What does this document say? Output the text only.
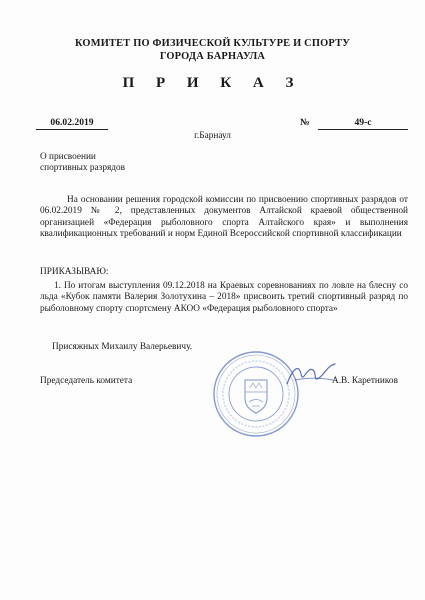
КОМИТЕТ ПО ФИЗИЧЕСКОЙ КУЛЬТУРЕ И СПОРТУ
ГОРОДА БАРНАУЛА
П Р И К А З
06.02.2019	№	49-с
г.Барнаул
О присвоении
спортивных разрядов
На основании решения городской комиссии по присвоению спортивных разрядов от 06.02.2019 № 2, представленных документов Алтайской краевой общественной организацией «Федерация рыболовного спорта Алтайского края» и выполнения квалификационных требований и норм Единой Всероссийской спортивной классификации
ПРИКАЗЫВАЮ:
1. По итогам выступления 09.12.2018 на Краевых соревнованиях по ловле на блесну со льда «Кубок памяти Валерия Золотухина – 2018» присвоить третий спортивный разряд по рыболовному спорту спортсмену АКОО «Федерация рыболовного спорта»
Присяжных Михаилу Валерьевичу.
Председатель комитета	А.В. Каретников
